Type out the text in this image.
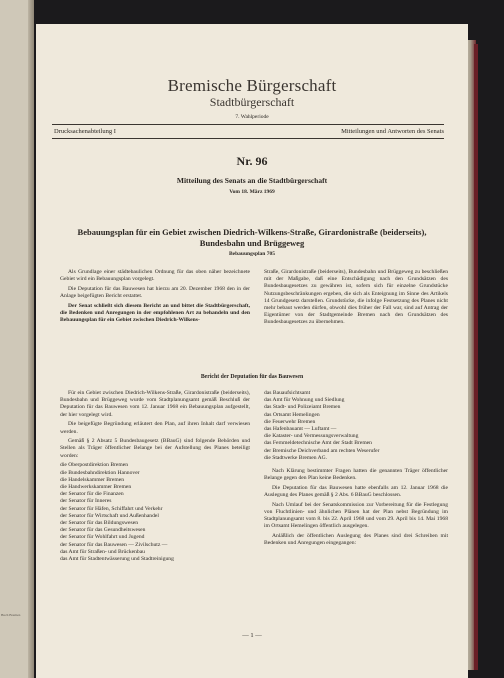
Buch Bremen
Bremische Bürgerschaft
Stadtbürgerschaft
7. Wahlperiode
Drucksachenabteilung I	Mitteilungen und Antworten des Senats
Nr. 96
Mitteilung des Senats an die Stadtbürgerschaft
Vom 18. März 1969
Bebauungsplan für ein Gebiet zwischen Diedrich-Wilkens-Straße, Girardonistraße (beiderseits), Bundesbahn und Brüggeweg
Bebauungsplan 705

Als Grundlage einer städtebaulichen Ordnung für das oben näher bezeichnete Gebiet wird ein Bebauungsplan vorgelegt.

Die Deputation für das Bauwesen hat hierzu am 20. Dezember 1968 den in der Anlage beigefügten Bericht erstattet.

Der Senat schließt sich diesem Bericht an und bittet die Stadtbürgerschaft, die Bedenken und Anregungen in der empfohlenen Art zu behandeln und den Bebauungsplan für ein Gebiet zwischen Diedrich-Wilkens-

Straße, Girardonistraße (beiderseits), Bundesbahn und Brüggeweg zu beschließen mit der Maßgabe, daß eine Entschädigung nach den Grundsätzen des Bundesbaugesetzes zu gewähren ist, sofern sich für einzelne Grundstücke Nutzungsbeschränkungen ergeben, die sich als Enteignung im Sinne des Artikels 14 Grundgesetz darstellen. Grundstücke, die infolge Festsetzung des Planes nicht mehr bebaut werden dürfen, obwohl dies früher der Fall war, sind auf Antrag der Eigentümer von der Stadtgemeinde Bremen nach den Grundsätzen des Bundesbaugesetzes zu übernehmen.

Bericht der Deputation für das Bauwesen

Für ein Gebiet zwischen Diedrich-Wilkens-Straße, Girardonistraße (beiderseits), Bundesbahn und Brüggeweg wurde vom Stadtplanungsamt gemäß Beschluß der Deputation für das Bauwesen vom 12. Januar 1968 ein Bebauungsplan aufgestellt, der hier vorgelegt wird.

Die beigefügte Begründung erläutert den Plan, auf ihren Inhalt darf verwiesen werden.

Gemäß § 2 Absatz 5 Bundesbaugesetz (BBauG) sind folgende Behörden und Stellen als Träger öffentlicher Belange bei der Aufstellung des Planes beteiligt worden:

die Oberpostdirektion Bremen
die Bundesbahndirektion Hannover
die Handelskammer Bremen
die Handwerkskammer Bremen
der Senator für die Finanzen
der Senator für Inneres
der Senator für Häfen, Schiffahrt und Verkehr
der Senator für Wirtschaft und Außenhandel
der Senator für das Bildungswesen
der Senator für das Gesundheitswesen
der Senator für Wohlfahrt und Jugend
der Senator für das Bauwesen — Zivilschutz —
das Amt für Straßen- und Brückenbau
das Amt für Stadtentwässerung und Stadtreinigung
das Bauaufsichtsamt
das Amt für Wohnung und Siedlung
das Stadt- und Polizeiamt Bremen
das Ortsamt Hemelingen
die Feuerwehr Bremen
das Hafenbauamt — Luftamt —
die Kataster- und Vermessungsverwaltung
das Fernmeldetechnische Amt der Stadt Bremen
der Bremische Deichverband am rechten Weserufer
die Stadtwerke Bremen AG.

Nach Klärung bestimmter Fragen hatten die genannten Träger öffentlicher Belange gegen den Plan keine Bedenken.

Die Deputation für das Bauwesen hatte ebenfalls am 12. Januar 1968 die Auslegung des Planes gemäß § 2 Abs. 6 BBauG beschlossen.

Nach Umlauf bei der Senatskommission zur Vorbereitung für die Festlegung von Fluchtlinien- und ähnlichen Plänen hat der Plan nebst Begründung im Stadtplanungsamt vom 8. bis 22. April 1968 und vom 29. April bis 14. Mai 1968 im Ortsamt Hemelingen öffentlich ausgelegen.

Anläßlich der öffentlichen Auslegung des Planes sind drei Schreiben mit Bedenken und Anregungen eingegangen:

— 1 —
